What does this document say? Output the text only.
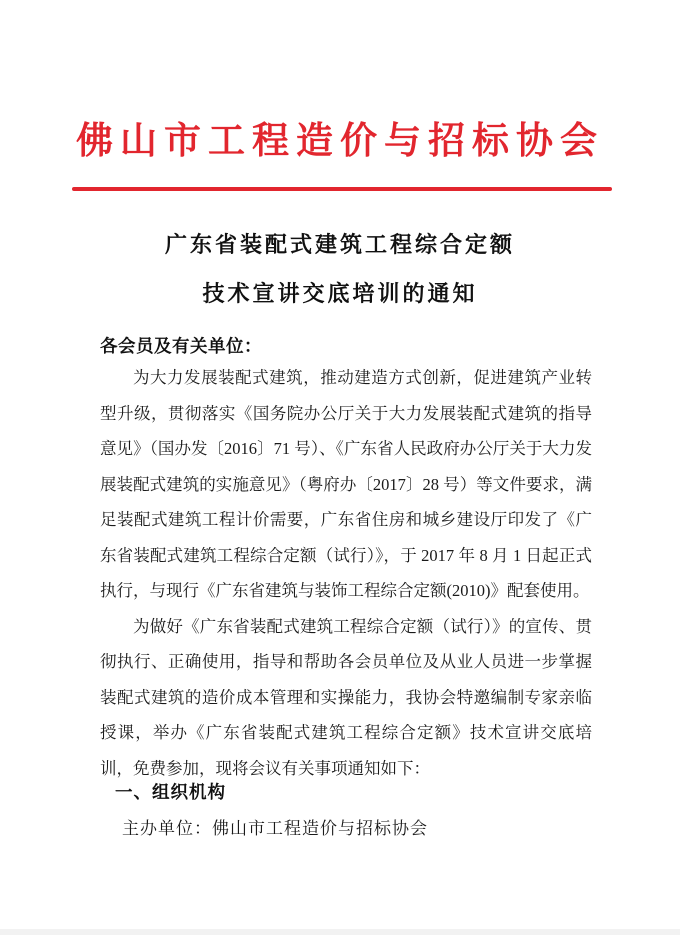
佛山市工程造价与招标协会
广东省装配式建筑工程综合定额
技术宣讲交底培训的通知
各会员及有关单位：

为大力发展装配式建筑，推动建造方式创新，促进建筑产业转型升级，贯彻落实《国务院办公厅关于大力发展装配式建筑的指导意见》（国办发〔2016〕71 号）、《广东省人民政府办公厅关于大力发展装配式建筑的实施意见》（粤府办〔2017〕28 号）等文件要求，满足装配式建筑工程计价需要，广东省住房和城乡建设厅印发了《广东省装配式建筑工程综合定额（试行）》，于 2017 年 8 月 1 日起正式执行，与现行《广东省建筑与装饰工程综合定额(2010)》配套使用。

为做好《广东省装配式建筑工程综合定额（试行）》的宣传、贯彻执行、正确使用，指导和帮助各会员单位及从业人员进一步掌握装配式建筑的造价成本管理和实操能力，我协会特邀编制专家亲临授课，举办《广东省装配式建筑工程综合定额》技术宣讲交底培训，免费参加，现将会议有关事项通知如下：

一、组织机构
主办单位：佛山市工程造价与招标协会
